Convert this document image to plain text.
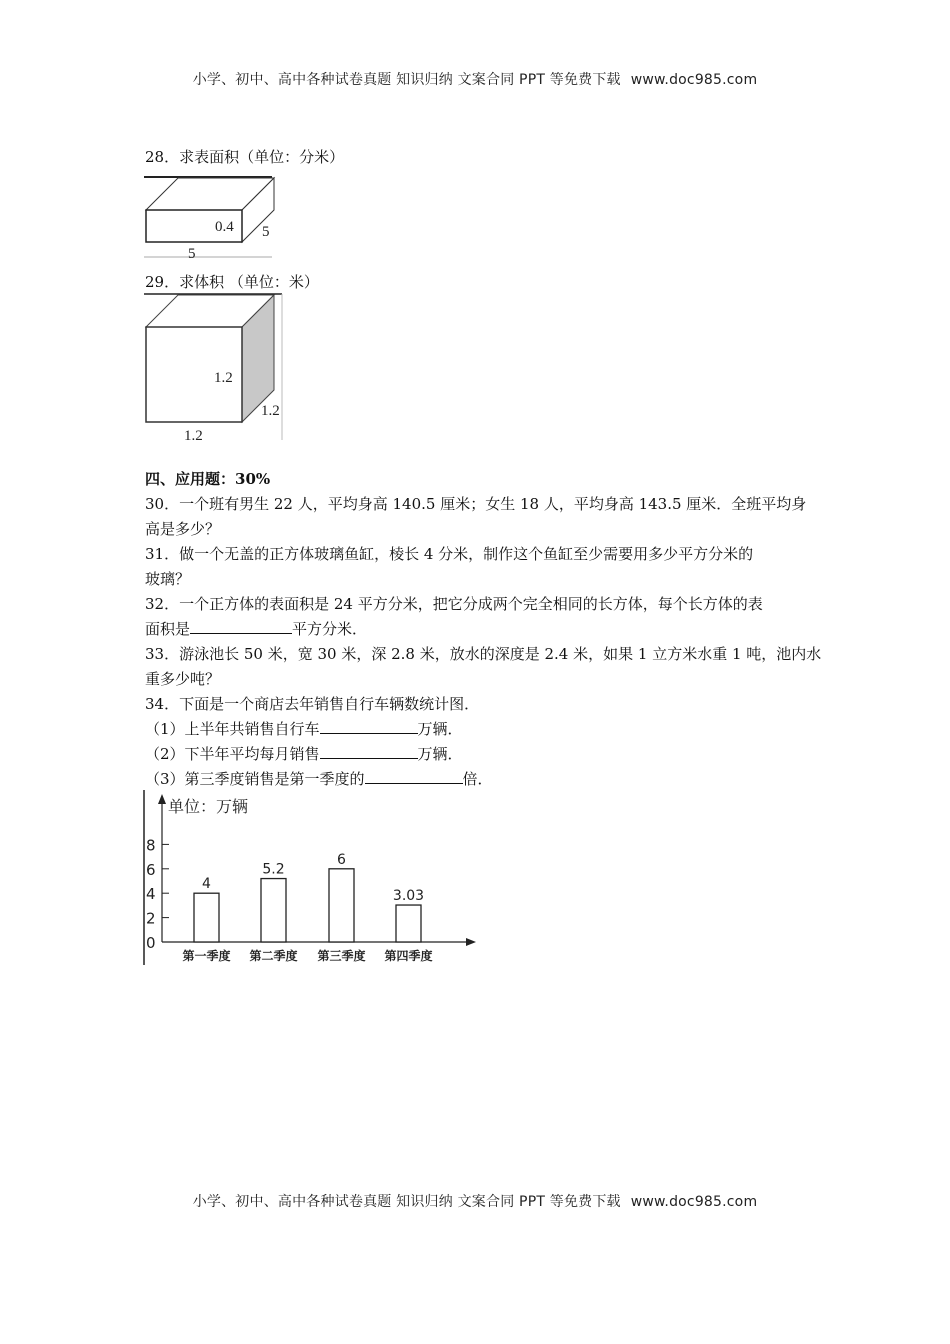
小学、初中、高中各种试卷真题 知识归纳 文案合同 PPT 等免费下载 www.doc985.com
28．求表面积（单位：分米）
0.4 5
5
29．求体积 （单位：米）
1.2
1.2
1.2
四、应用题：30%
30．一个班有男生 22 人，平均身高 140.5 厘米；女生 18 人，平均身高 143.5 厘米．全班平均身
高是多少？
31．做一个无盖的正方体玻璃鱼缸，棱长 4 分米，制作这个鱼缸至少需要用多少平方分米的
玻璃？
32．一个正方体的表面积是 24 平方分米，把它分成两个完全相同的长方体，每个长方体的表
面积是	平方分米．
33．游泳池长 50 米，宽 30 米，深 2.8 米，放水的深度是 2.4 米，如果 1 立方米水重 1 吨，池内水
重多少吨？
34．下面是一个商店去年销售自行车辆数统计图．
（1）上半年共销售自行车	万辆．
（2）下半年平均每月销售	万辆．
（3）第三季度销售是第一季度的	倍．
单位：万辆
0
2
4
6
8
4
第一季度
5.2
第二季度
6
第三季度
3.03
第四季度
小学、初中、高中各种试卷真题 知识归纳 文案合同 PPT 等免费下载 www.doc985.com
